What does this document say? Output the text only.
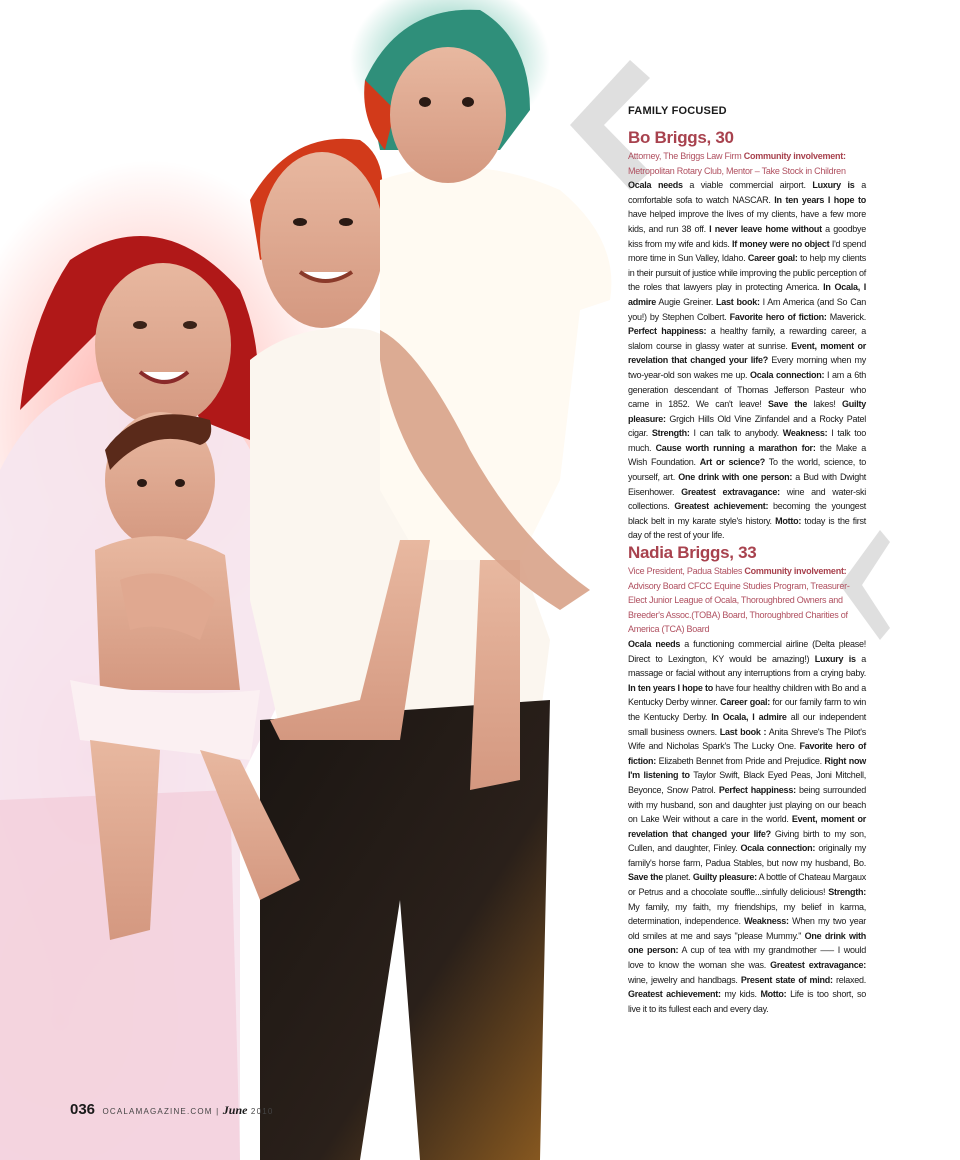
FAMILY FOCUSED
Bo Briggs, 30

Attorney, The Briggs Law Firm Community involvement: Metropolitan Rotary Club, Mentor – Take Stock in Children

Ocala needs a viable commercial airport. Luxury is a comfortable sofa to watch NASCAR. In ten years I hope to have helped improve the lives of my clients, have a few more kids, and run 38 off. I never leave home without a goodbye kiss from my wife and kids. If money were no object I'd spend more time in Sun Valley, Idaho. Career goal: to help my clients in their pursuit of justice while improving the public perception of the roles that lawyers play in protecting America. In Ocala, I admire Augie Greiner. Last book: I Am America (and So Can you!) by Stephen Colbert. Favorite hero of fiction: Maverick. Perfect happiness: a healthy family, a rewarding career, a slalom course in glassy water at sunrise. Event, moment or revelation that changed your life? Every morning when my two-year-old son wakes me up. Ocala connection: I am a 6th generation descendant of Thomas Jefferson Pasteur who came in 1852. We can't leave! Save the lakes! Guilty pleasure: Grgich Hills Old Vine Zinfandel and a Rocky Patel cigar. Strength: I can talk to anybody. Weakness: I talk too much. Cause worth running a marathon for: the Make a Wish Foundation. Art or science? To the world, science, to yourself, art. One drink with one person: a Bud with Dwight Eisenhower. Greatest extravagance: wine and water-ski collections. Greatest achievement: becoming the youngest black belt in my karate style's history. Motto: today is the first day of the rest of your life.

Nadia Briggs, 33

Vice President, Padua Stables Community involvement: Advisory Board CFCC Equine Studies Program, Treasurer-Elect Junior League of Ocala, Thoroughbred Owners and Breeder's Assoc.(TOBA) Board, Thoroughbred Charities of America (TCA) Board

Ocala needs a functioning commercial airline (Delta please! Direct to Lexington, KY would be amazing!) Luxury is a massage or facial without any interruptions from a crying baby. In ten years I hope to have four healthy children with Bo and a Kentucky Derby winner. Career goal: for our family farm to win the Kentucky Derby. In Ocala, I admire all our independent small business owners. Last book : Anita Shreve's The Pilot's Wife and Nicholas Spark's The Lucky One. Favorite hero of fiction: Elizabeth Bennet from Pride and Prejudice. Right now I'm listening to Taylor Swift, Black Eyed Peas, Joni Mitchell, Beyonce, Snow Patrol. Perfect happiness: being surrounded with my husband, son and daughter just playing on our beach on Lake Weir without a care in the world. Event, moment or revelation that changed your life? Giving birth to my son, Cullen, and daughter, Finley. Ocala connection: originally my family's horse farm, Padua Stables, but now my husband, Bo. Save the planet. Guilty pleasure: A bottle of Chateau Margaux or Petrus and a chocolate souffle...sinfully delicious! Strength: My family, my faith, my friendships, my belief in karma, determination, independence. Weakness: When my two year old smiles at me and says "please Mummy." One drink with one person: A cup of tea with my grandmother —– I would love to know the woman she was. Greatest extravagance: wine, jewelry and handbags. Present state of mind: relaxed. Greatest achievement: my kids. Motto: Life is too short, so live it to its fullest each and every day.

036 OCALAMAGAZINE.COM | June 2010
